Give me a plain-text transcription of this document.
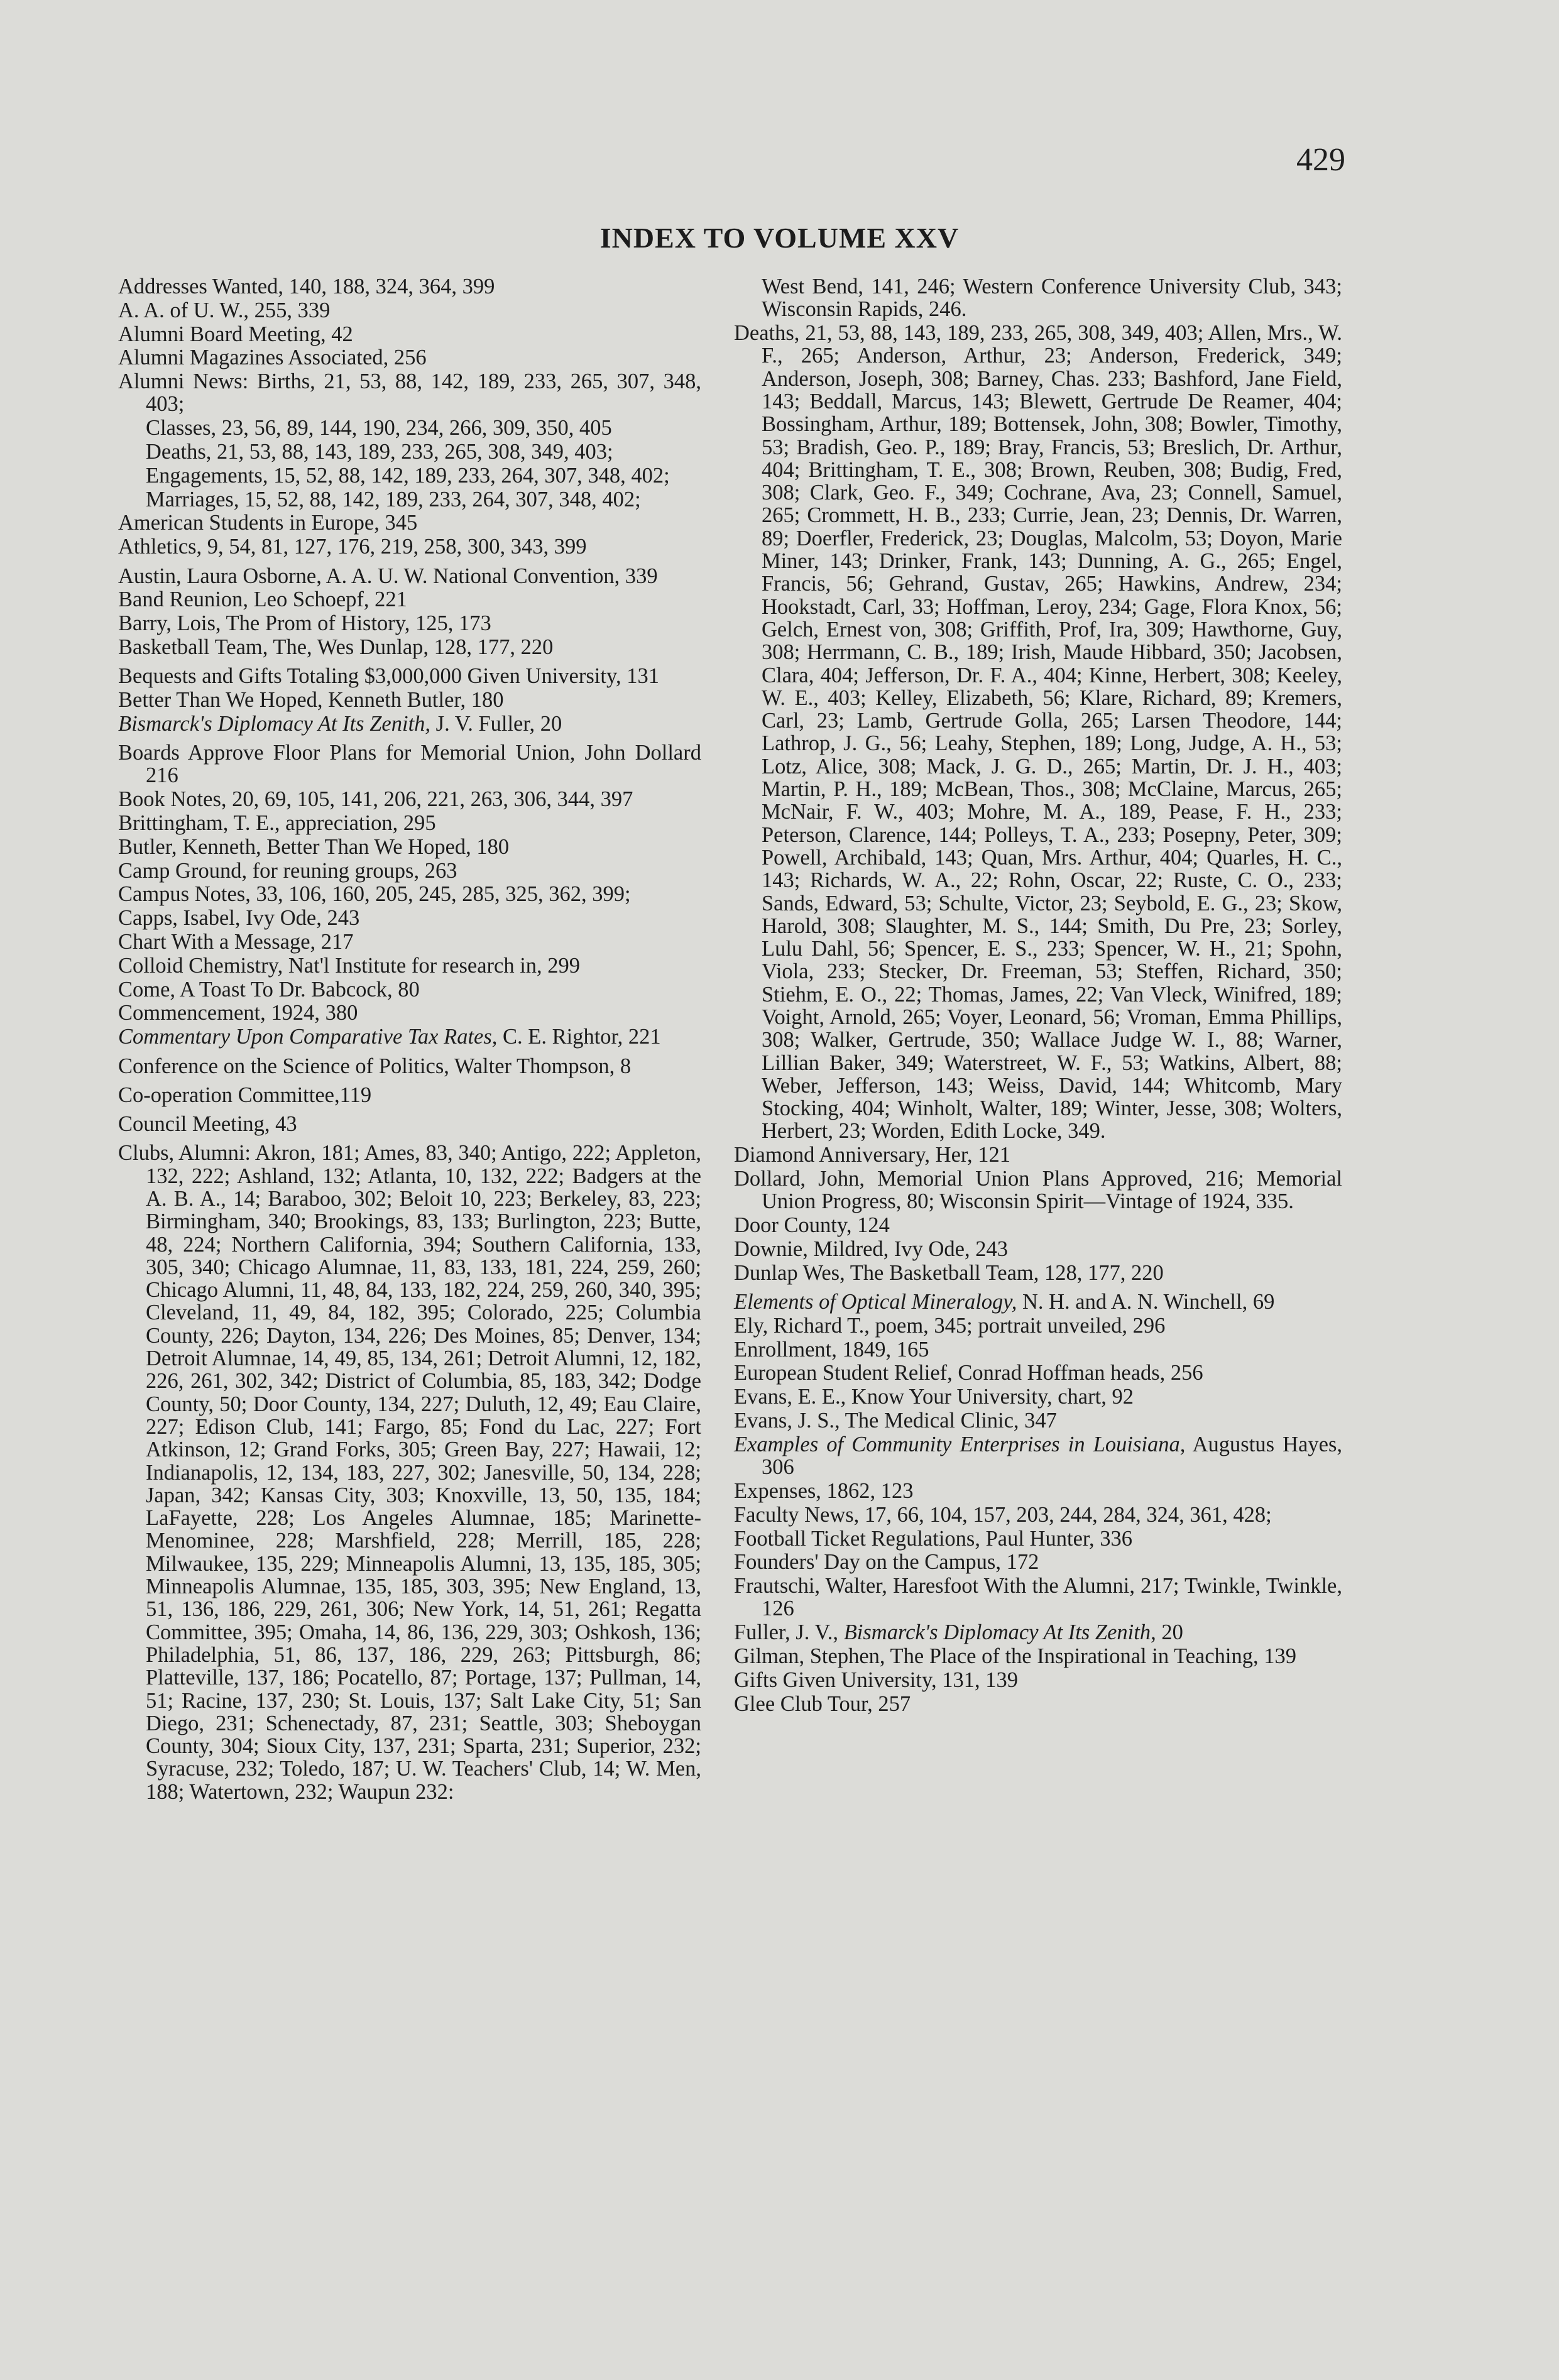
429
INDEX TO VOLUME XXV
Addresses Wanted, 140, 188, 324, 364, 399
A. A. of U. W., 255, 339
Alumni Board Meeting, 42
Alumni Magazines Associated, 256
Alumni News: Births, 21, 53, 88, 142, 189, 233, 265, 307, 348, 403;
Classes, 23, 56, 89, 144, 190, 234, 266, 309, 350, 405
Deaths, 21, 53, 88, 143, 189, 233, 265, 308, 349, 403;
Engagements, 15, 52, 88, 142, 189, 233, 264, 307, 348, 402;
Marriages, 15, 52, 88, 142, 189, 233, 264, 307, 348, 402;
American Students in Europe, 345
Athletics, 9, 54, 81, 127, 176, 219, 258, 300, 343, 399
Austin, Laura Osborne, A. A. U. W. National Convention, 339
Band Reunion, Leo Schoepf, 221
Barry, Lois, The Prom of History, 125, 173
Basketball Team, The, Wes Dunlap, 128, 177, 220
Bequests and Gifts Totaling $3,000,000 Given University, 131
Better Than We Hoped, Kenneth Butler, 180
Bismarck's Diplomacy At Its Zenith, J. V. Fuller, 20
Boards Approve Floor Plans for Memorial Union, John Dollard 216
Book Notes, 20, 69, 105, 141, 206, 221, 263, 306, 344, 397
Brittingham, T. E., appreciation, 295
Butler, Kenneth, Better Than We Hoped, 180
Camp Ground, for reuning groups, 263
Campus Notes, 33, 106, 160, 205, 245, 285, 325, 362, 399;
Capps, Isabel, Ivy Ode, 243
Chart With a Message, 217
Colloid Chemistry, Nat'l Institute for research in, 299
Come, A Toast To Dr. Babcock, 80
Commencement, 1924, 380
Commentary Upon Comparative Tax Rates, C. E. Rightor, 221
Conference on the Science of Politics, Walter Thompson, 8
Co-operation Committee,119
Council Meeting, 43
Clubs, Alumni: Akron, 181; Ames, 83, 340; Antigo, 222; Appleton, 132, 222; Ashland, 132; Atlanta, 10, 132, 222; Badgers at the A. B. A., 14; Baraboo, 302; Beloit 10, 223; Berkeley, 83, 223; Birmingham, 340; Brookings, 83, 133; Burlington, 223; Butte, 48, 224; Northern California, 394; Southern California, 133, 305, 340; Chicago Alumnae, 11, 83, 133, 181, 224, 259, 260; Chicago Alumni, 11, 48, 84, 133, 182, 224, 259, 260, 340, 395; Cleveland, 11, 49, 84, 182, 395; Colorado, 225; Columbia County, 226; Dayton, 134, 226; Des Moines, 85; Denver, 134; Detroit Alumnae, 14, 49, 85, 134, 261; Detroit Alumni, 12, 182, 226, 261, 302, 342; District of Columbia, 85, 183, 342; Dodge County, 50; Door County, 134, 227; Duluth, 12, 49; Eau Claire, 227; Edison Club, 141; Fargo, 85; Fond du Lac, 227; Fort Atkinson, 12; Grand Forks, 305; Green Bay, 227; Hawaii, 12; Indianapolis, 12, 134, 183, 227, 302; Janesville, 50, 134, 228; Japan, 342; Kansas City, 303; Knoxville, 13, 50, 135, 184; LaFayette, 228; Los Angeles Alumnae, 185; Marinette-Menominee, 228; Marshfield, 228; Merrill, 185, 228; Milwaukee, 135, 229; Minneapolis Alumni, 13, 135, 185, 305; Minneapolis Alumnae, 135, 185, 303, 395; New England, 13, 51, 136, 186, 229, 261, 306; New York, 14, 51, 261; Regatta Committee, 395; Omaha, 14, 86, 136, 229, 303; Oshkosh, 136; Philadelphia, 51, 86, 137, 186, 229, 263; Pittsburgh, 86; Platteville, 137, 186; Pocatello, 87; Portage, 137; Pullman, 14, 51; Racine, 137, 230; St. Louis, 137; Salt Lake City, 51; San Diego, 231; Schenectady, 87, 231; Seattle, 303; Sheboygan County, 304; Sioux City, 137, 231; Sparta, 231; Superior, 232; Syracuse, 232; Toledo, 187; U. W. Teachers' Club, 14; W. Men, 188; Watertown, 232; Waupun 232:
West Bend, 141, 246; Western Conference University Club, 343; Wisconsin Rapids, 246.
Deaths, 21, 53, 88, 143, 189, 233, 265, 308, 349, 403; Allen, Mrs., W. F., 265; Anderson, Arthur, 23; Anderson, Frederick, 349; Anderson, Joseph, 308; Barney, Chas. 233; Bashford, Jane Field, 143; Beddall, Marcus, 143; Blewett, Gertrude De Reamer, 404; Bossingham, Arthur, 189; Bottensek, John, 308; Bowler, Timothy, 53; Bradish, Geo. P., 189; Bray, Francis, 53; Breslich, Dr. Arthur, 404; Brittingham, T. E., 308; Brown, Reuben, 308; Budig, Fred, 308; Clark, Geo. F., 349; Cochrane, Ava, 23; Connell, Samuel, 265; Crommett, H. B., 233; Currie, Jean, 23; Dennis, Dr. Warren, 89; Doerfler, Frederick, 23; Douglas, Malcolm, 53; Doyon, Marie Miner, 143; Drinker, Frank, 143; Dunning, A. G., 265; Engel, Francis, 56; Gehrand, Gustav, 265; Hawkins, Andrew, 234; Hookstadt, Carl, 33; Hoffman, Leroy, 234; Gage, Flora Knox, 56; Gelch, Ernest von, 308; Griffith, Prof, Ira, 309; Hawthorne, Guy, 308; Herrmann, C. B., 189; Irish, Maude Hibbard, 350; Jacobsen, Clara, 404; Jefferson, Dr. F. A., 404; Kinne, Herbert, 308; Keeley, W. E., 403; Kelley, Elizabeth, 56; Klare, Richard, 89; Kremers, Carl, 23; Lamb, Gertrude Golla, 265; Larsen Theodore, 144; Lathrop, J. G., 56; Leahy, Stephen, 189; Long, Judge, A. H., 53; Lotz, Alice, 308; Mack, J. G. D., 265; Martin, Dr. J. H., 403; Martin, P. H., 189; McBean, Thos., 308; McClaine, Marcus, 265; McNair, F. W., 403; Mohre, M. A., 189, Pease, F. H., 233; Peterson, Clarence, 144; Polleys, T. A., 233; Posepny, Peter, 309; Powell, Archibald, 143; Quan, Mrs. Arthur, 404; Quarles, H. C., 143; Richards, W. A., 22; Rohn, Oscar, 22; Ruste, C. O., 233; Sands, Edward, 53; Schulte, Victor, 23; Seybold, E. G., 23; Skow, Harold, 308; Slaughter, M. S., 144; Smith, Du Pre, 23; Sorley, Lulu Dahl, 56; Spencer, E. S., 233; Spencer, W. H., 21; Spohn, Viola, 233; Stecker, Dr. Freeman, 53; Steffen, Richard, 350; Stiehm, E. O., 22; Thomas, James, 22; Van Vleck, Winifred, 189; Voight, Arnold, 265; Voyer, Leonard, 56; Vroman, Emma Phillips, 308; Walker, Gertrude, 350; Wallace Judge W. I., 88; Warner, Lillian Baker, 349; Waterstreet, W. F., 53; Watkins, Albert, 88; Weber, Jefferson, 143; Weiss, David, 144; Whitcomb, Mary Stocking, 404; Winholt, Walter, 189; Winter, Jesse, 308; Wolters, Herbert, 23; Worden, Edith Locke, 349.
Diamond Anniversary, Her, 121
Dollard, John, Memorial Union Plans Approved, 216; Memorial Union Progress, 80; Wisconsin Spirit—Vintage of 1924, 335.
Door County, 124
Downie, Mildred, Ivy Ode, 243
Dunlap Wes, The Basketball Team, 128, 177, 220
Elements of Optical Mineralogy, N. H. and A. N. Winchell, 69
Ely, Richard T., poem, 345; portrait unveiled, 296
Enrollment, 1849, 165
European Student Relief, Conrad Hoffman heads, 256
Evans, E. E., Know Your University, chart, 92
Evans, J. S., The Medical Clinic, 347
Examples of Community Enterprises in Louisiana, Augustus Hayes, 306
Expenses, 1862, 123
Faculty News, 17, 66, 104, 157, 203, 244, 284, 324, 361, 428;
Football Ticket Regulations, Paul Hunter, 336
Founders' Day on the Campus, 172
Frautschi, Walter, Haresfoot With the Alumni, 217; Twinkle, Twinkle, 126
Fuller, J. V., Bismarck's Diplomacy At Its Zenith, 20
Gilman, Stephen, The Place of the Inspirational in Teaching, 139
Gifts Given University, 131, 139
Glee Club Tour, 257
